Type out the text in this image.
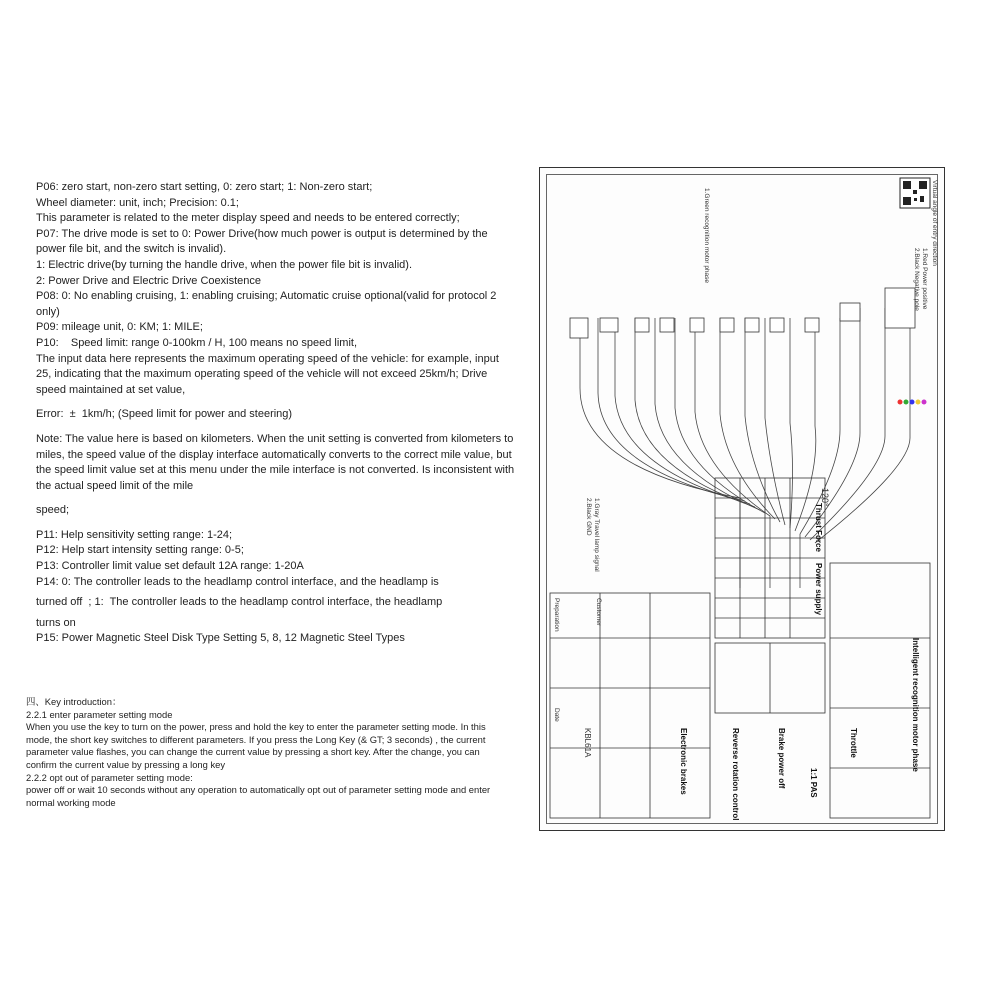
P06: zero start, non-zero start setting, 0: zero start; 1: Non-zero start;

Wheel diameter: unit, inch; Precision: 0.1;

This parameter is related to the meter display speed and needs to be entered correctly;

P07: The drive mode is set to 0: Power Drive(how much power is output is determined by the power file bit, and the switch is invalid).

1: Electric drive(by turning the handle drive, when the power file bit is invalid).

2: Power Drive and Electric Drive Coexistence

P08: 0: No enabling cruising, 1: enabling cruising; Automatic cruise optional(valid for protocol 2 only)

P09: mileage unit, 0: KM; 1: MILE;

P10:    Speed limit: range 0-100km / H, 100 means no speed limit,

The input data here represents the maximum operating speed of the vehicle: for example, input 25, indicating that the maximum operating speed of the vehicle will not exceed 25km/h; Drive speed maintained at set value,

Error:  ±  1km/h; (Speed limit for power and steering)

Note: The value here is based on kilometers. When the unit setting is converted from kilometers to miles, the speed value of the display interface automatically converts to the correct mile value, but the speed limit value set at this menu under the mile interface is not converted. Is inconsistent with the actual speed limit of the mile

speed;

P11: Help sensitivity setting range: 1-24;

P12: Help start intensity setting range: 0-5;

P13: Controller limit value set default 12A range: 1-20A

P14: 0: The controller leads to the headlamp control interface, and the headlamp is

turned off  ; 1:  The controller leads to the headlamp control interface, the headlamp

turns on

P15: Power Magnetic Steel Disk Type Setting 5, 8, 12 Magnetic Steel Types

四、Key introduction：

2.2.1 enter parameter setting mode

When you use the key to turn on the power, press and hold the key to enter the parameter setting mode. In this mode, the short key switches to different parameters. If you press the Long Key (& GT; 3 seconds) , the current parameter value flashes, you can change the current value by pressing a short key. After the change, you can confirm the current value by pressing a long key

2.2.2 opt out of parameter setting mode:

power off or wait 10 seconds without any operation to automatically opt out of parameter setting mode and enter normal working mode

Virtual angle of entry direction
1.Red Power positive
2.Black Negative pole
1.Green recognition motor phase
1.Gray Travel lamp signal
2.Black GND
Intelligent recognition motor phase
Thrust Force
Power supply
1:1 PAS
Throttle
Brake power off
Reverse rotation control
Electronic brakes
120°
Customer
Preparation
Date
KBL61A
